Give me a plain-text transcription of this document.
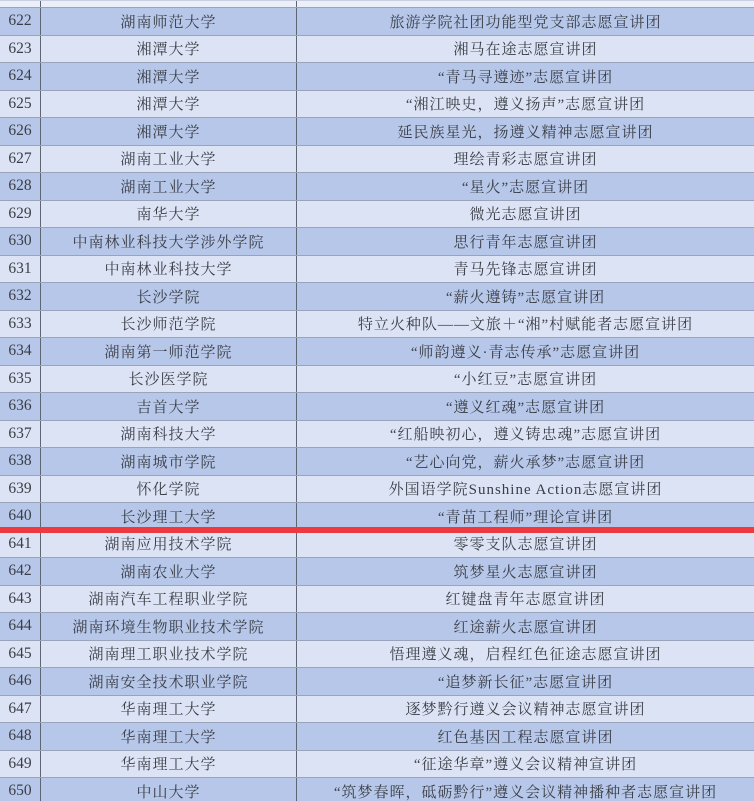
622	湖南师范大学	旅游学院社团功能型党支部志愿宣讲团
623	湘潭大学	湘马在途志愿宣讲团
624	湘潭大学	“青马寻遵迹”志愿宣讲团
625	湘潭大学	“湘江映史，遵义扬声”志愿宣讲团
626	湘潭大学	延民族星光，扬遵义精神志愿宣讲团
627	湖南工业大学	理绘青彩志愿宣讲团
628	湖南工业大学	“星火”志愿宣讲团
629	南华大学	微光志愿宣讲团
630	中南林业科技大学涉外学院	思行青年志愿宣讲团
631	中南林业科技大学	青马先锋志愿宣讲团
632	长沙学院	“薪火遵铸”志愿宣讲团
633	长沙师范学院	特立火种队——文旅＋“湘”村赋能者志愿宣讲团
634	湖南第一师范学院	“师韵遵义·青志传承”志愿宣讲团
635	长沙医学院	“小红豆”志愿宣讲团
636	吉首大学	“遵义红魂”志愿宣讲团
637	湖南科技大学	“红船映初心，遵义铸忠魂”志愿宣讲团
638	湖南城市学院	“艺心向党，薪火承梦”志愿宣讲团
639	怀化学院	外国语学院Sunshine Action志愿宣讲团
640	长沙理工大学	“青苗工程师”理论宣讲团
641	湖南应用技术学院	零零支队志愿宣讲团
642	湖南农业大学	筑梦星火志愿宣讲团
643	湖南汽车工程职业学院	红键盘青年志愿宣讲团
644	湖南环境生物职业技术学院	红途薪火志愿宣讲团
645	湖南理工职业技术学院	悟理遵义魂，启程红色征途志愿宣讲团
646	湖南安全技术职业学院	“追梦新长征”志愿宣讲团
647	华南理工大学	逐梦黔行遵义会议精神志愿宣讲团
648	华南理工大学	红色基因工程志愿宣讲团
649	华南理工大学	“征途华章”遵义会议精神宣讲团
650	中山大学	“筑梦春晖，砥砺黔行”遵义会议精神播种者志愿宣讲团
